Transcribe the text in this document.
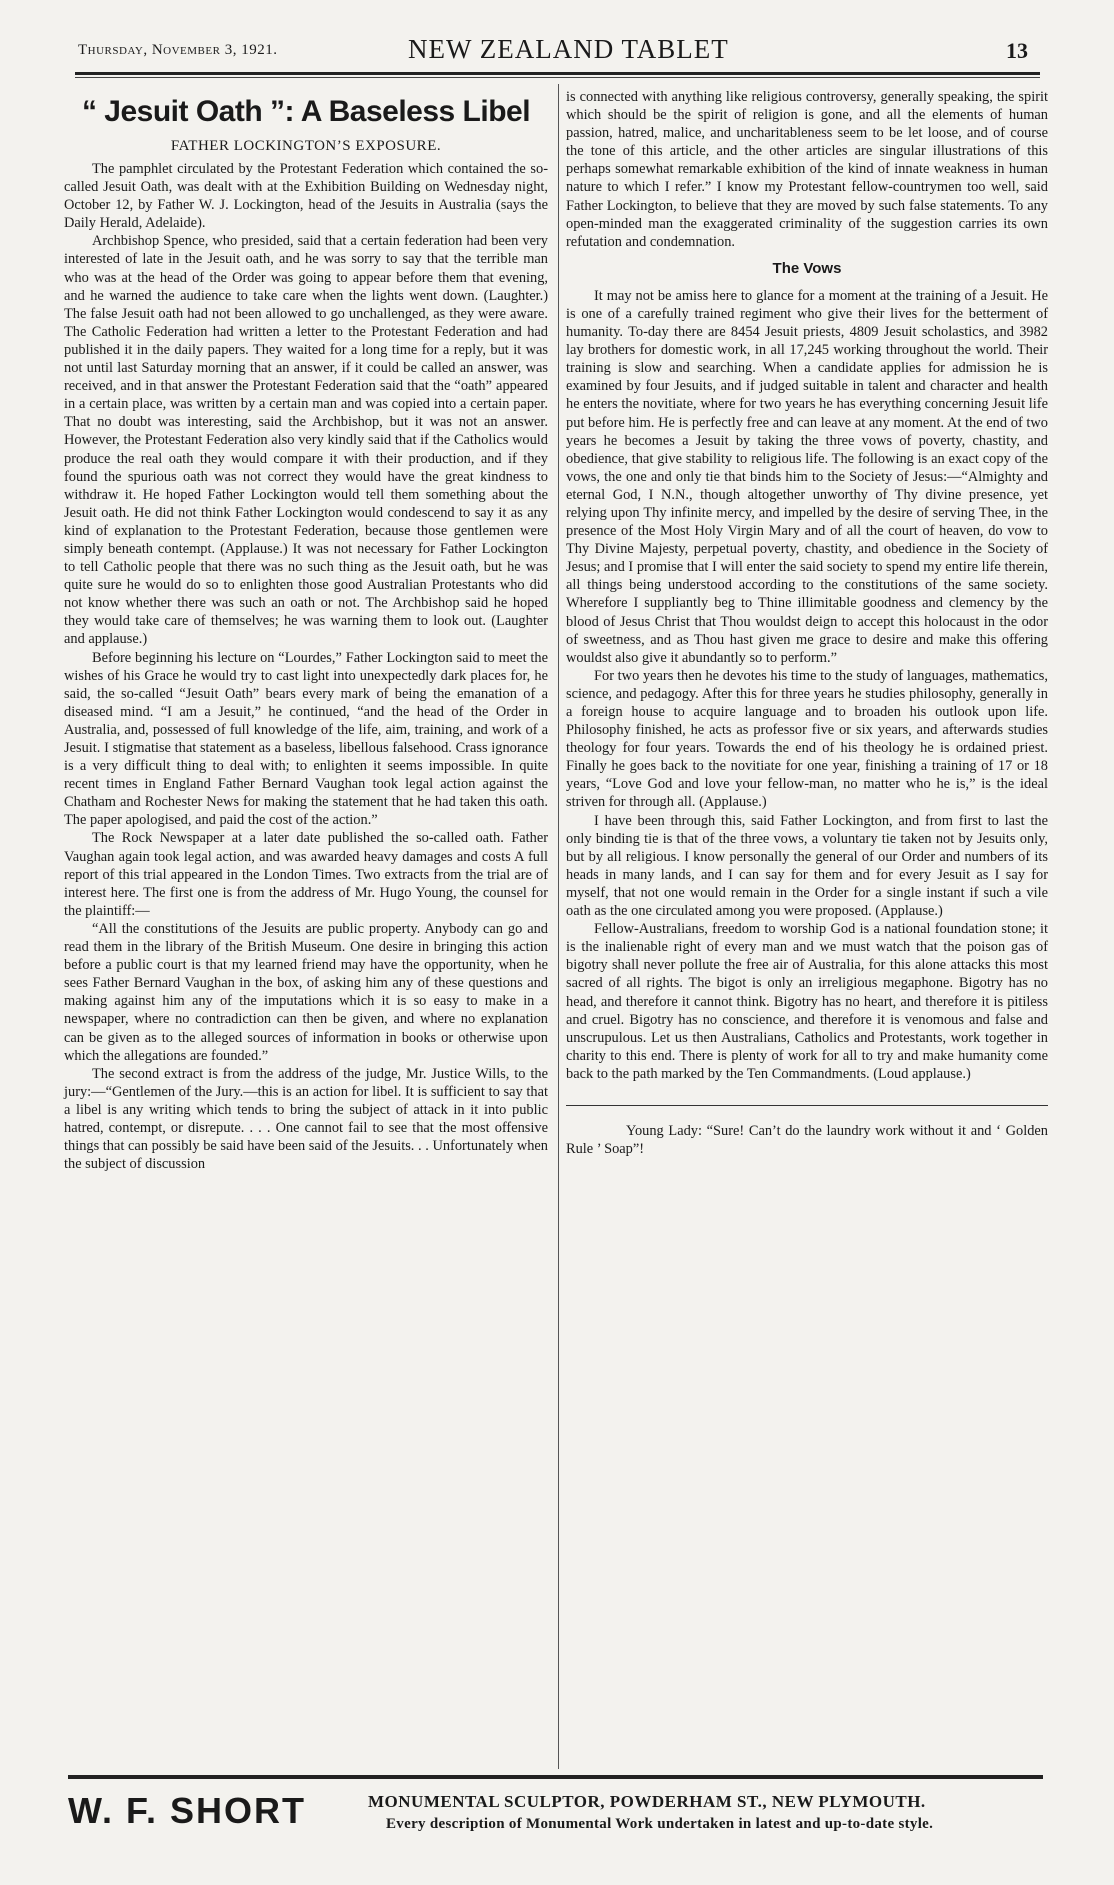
Thursday, November 3, 1921.	NEW ZEALAND TABLET	13
“ Jesuit Oath ”: A Baseless Libel
FATHER LOCKINGTON’S EXPOSURE.

The pamphlet circulated by the Protestant Federation which contained the so-called Jesuit Oath, was dealt with at the Exhibition Building on Wednesday night, October 12, by Father W. J. Lockington, head of the Jesuits in Australia (says the Daily Herald, Adelaide).

Archbishop Spence, who presided, said that a certain federation had been very interested of late in the Jesuit oath, and he was sorry to say that the terrible man who was at the head of the Order was going to appear before them that evening, and he warned the audience to take care when the lights went down. (Laughter.) The false Jesuit oath had not been allowed to go unchallenged, as they were aware. The Catholic Federation had written a letter to the Protestant Federation and had published it in the daily papers. They waited for a long time for a reply, but it was not until last Saturday morning that an answer, if it could be called an answer, was received, and in that answer the Protestant Federation said that the “oath” appeared in a certain place, was written by a certain man and was copied into a certain paper. That no doubt was interesting, said the Archbishop, but it was not an answer. However, the Protestant Federation also very kindly said that if the Catholics would produce the real oath they would compare it with their production, and if they found the spurious oath was not correct they would have the great kindness to withdraw it. He hoped Father Lockington would tell them something about the Jesuit oath. He did not think Father Lockington would condescend to say it as any kind of explanation to the Protestant Federation, because those gentlemen were simply beneath contempt. (Applause.) It was not necessary for Father Lockington to tell Catholic people that there was no such thing as the Jesuit oath, but he was quite sure he would do so to enlighten those good Australian Protestants who did not know whether there was such an oath or not. The Archbishop said he hoped they would take care of themselves; he was warning them to look out. (Laughter and applause.)

Before beginning his lecture on “Lourdes,” Father Lockington said to meet the wishes of his Grace he would try to cast light into unexpectedly dark places for, he said, the so-called “Jesuit Oath” bears every mark of being the emanation of a diseased mind. “I am a Jesuit,” he continued, “and the head of the Order in Australia, and, possessed of full knowledge of the life, aim, training, and work of a Jesuit. I stigmatise that statement as a baseless, libellous falsehood. Crass ignorance is a very difficult thing to deal with; to enlighten it seems impossible. In quite recent times in England Father Bernard Vaughan took legal action against the Chatham and Rochester News for making the statement that he had taken this oath. The paper apologised, and paid the cost of the action.”

The Rock Newspaper at a later date published the so-called oath. Father Vaughan again took legal action, and was awarded heavy damages and costs A full report of this trial appeared in the London Times. Two extracts from the trial are of interest here. The first one is from the address of Mr. Hugo Young, the counsel for the plaintiff:—

“All the constitutions of the Jesuits are public property. Anybody can go and read them in the library of the British Museum. One desire in bringing this action before a public court is that my learned friend may have the opportunity, when he sees Father Bernard Vaughan in the box, of asking him any of these questions and making against him any of the imputations which it is so easy to make in a newspaper, where no contradiction can then be given, and where no explanation can be given as to the alleged sources of information in books or otherwise upon which the allegations are founded.”

The second extract is from the address of the judge, Mr. Justice Wills, to the jury:—“Gentlemen of the Jury.—this is an action for libel. It is sufficient to say that a libel is any writing which tends to bring the subject of attack in it into public hatred, contempt, or disrepute. . . . One cannot fail to see that the most offensive things that can possibly be said have been said of the Jesuits. . . Unfortunately when the subject of discussion

is connected with anything like religious controversy, generally speaking, the spirit which should be the spirit of religion is gone, and all the elements of human passion, hatred, malice, and uncharitableness seem to be let loose, and of course the tone of this article, and the other articles are singular illustrations of this perhaps somewhat remarkable exhibition of the kind of innate weakness in human nature to which I refer.” I know my Protestant fellow-countrymen too well, said Father Lockington, to believe that they are moved by such false statements. To any open-minded man the exaggerated criminality of the suggestion carries its own refutation and condemnation.

The Vows

It may not be amiss here to glance for a moment at the training of a Jesuit. He is one of a carefully trained regiment who give their lives for the betterment of humanity. To-day there are 8454 Jesuit priests, 4809 Jesuit scholastics, and 3982 lay brothers for domestic work, in all 17,245 working throughout the world. Their training is slow and searching. When a candidate applies for admission he is examined by four Jesuits, and if judged suitable in talent and character and health he enters the novitiate, where for two years he has everything concerning Jesuit life put before him. He is perfectly free and can leave at any moment. At the end of two years he becomes a Jesuit by taking the three vows of poverty, chastity, and obedience, that give stability to religious life. The following is an exact copy of the vows, the one and only tie that binds him to the Society of Jesus:—“Almighty and eternal God, I N.N., though altogether unworthy of Thy divine presence, yet relying upon Thy infinite mercy, and impelled by the desire of serving Thee, in the presence of the Most Holy Virgin Mary and of all the court of heaven, do vow to Thy Divine Majesty, perpetual poverty, chastity, and obedience in the Society of Jesus; and I promise that I will enter the said society to spend my entire life therein, all things being understood according to the constitutions of the same society. Wherefore I suppliantly beg to Thine illimitable goodness and clemency by the blood of Jesus Christ that Thou wouldst deign to accept this holocaust in the odor of sweetness, and as Thou hast given me grace to desire and make this offering wouldst also give it abundantly so to perform.”

For two years then he devotes his time to the study of languages, mathematics, science, and pedagogy. After this for three years he studies philosophy, generally in a foreign house to acquire language and to broaden his outlook upon life. Philosophy finished, he acts as professor five or six years, and afterwards studies theology for four years. Towards the end of his theology he is ordained priest. Finally he goes back to the novitiate for one year, finishing a training of 17 or 18 years, “Love God and love your fellow-man, no matter who he is,” is the ideal striven for through all. (Applause.)

I have been through this, said Father Lockington, and from first to last the only binding tie is that of the three vows, a voluntary tie taken not by Jesuits only, but by all religious. I know personally the general of our Order and numbers of its heads in many lands, and I can say for them and for every Jesuit as I say for myself, that not one would remain in the Order for a single instant if such a vile oath as the one circulated among you were proposed. (Applause.)

Fellow-Australians, freedom to worship God is a national foundation stone; it is the inalienable right of every man and we must watch that the poison gas of bigotry shall never pollute the free air of Australia, for this alone attacks this most sacred of all rights. The bigot is only an irreligious megaphone. Bigotry has no head, and therefore it cannot think. Bigotry has no heart, and therefore it is pitiless and cruel. Bigotry has no conscience, and therefore it is venomous and false and unscrupulous. Let us then Australians, Catholics and Protestants, work together in charity to this end. There is plenty of work for all to try and make humanity come back to the path marked by the Ten Commandments. (Loud applause.)

Young Lady: “Sure! Can’t do the laundry work without it and ‘ Golden Rule ’ Soap”!

W. F. SHORT	MONUMENTAL SCULPTOR, POWDERHAM ST., NEW PLYMOUTH.
Every description of Monumental Work undertaken in latest and up-to-date style.
